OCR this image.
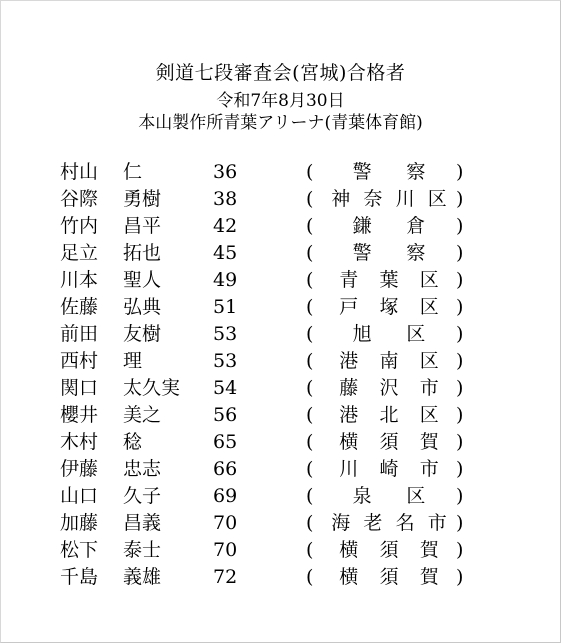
剣道七段審査会(宮城)合格者
令和7年8月30日
本山製作所青葉アリーナ(青葉体育館)
村山	仁	36	( 警 察 )
谷際	勇樹	38	( 神 奈 川 区 )
竹内	昌平	42	( 鎌 倉 )
足立	拓也	45	( 警 察 )
川本	聖人	49	( 青 葉 区 )
佐藤	弘典	51	( 戸 塚 区 )
前田	友樹	53	( 旭 区 )
西村	理	53	( 港 南 区 )
関口	太久実	54	( 藤 沢 市 )
櫻井	美之	56	( 港 北 区 )
木村	稔	65	( 横 須 賀 )
伊藤	忠志	66	( 川 崎 市 )
山口	久子	69	( 泉 区 )
加藤	昌義	70	( 海 老 名 市 )
松下	泰士	70	( 横 須 賀 )
千島	義雄	72	( 横 須 賀 )
